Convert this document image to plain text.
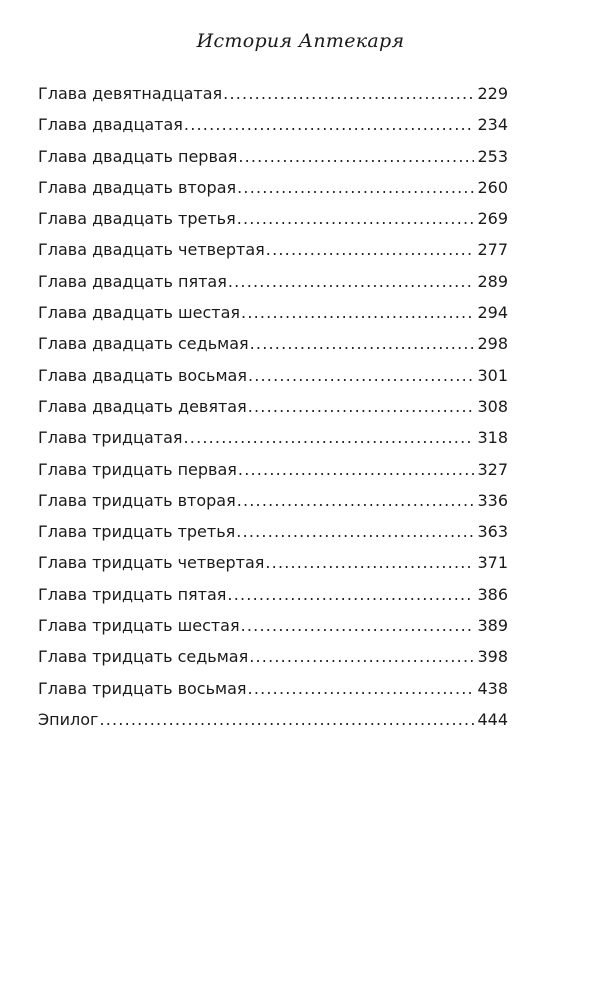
История Аптекаря
Глава девятнадцатая .....	229
Глава двадцатая .....	234
Глава двадцать первая .....	253
Глава двадцать вторая .....	260
Глава двадцать третья .....	269
Глава двадцать четвертая .....	277
Глава двадцать пятая .....	289
Глава двадцать шестая .....	294
Глава двадцать седьмая .....	298
Глава двадцать восьмая .....	301
Глава двадцать девятая .....	308
Глава тридцатая .....	318
Глава тридцать первая .....	327
Глава тридцать вторая .....	336
Глава тридцать третья .....	363
Глава тридцать четвертая .....	371
Глава тридцать пятая .....	386
Глава тридцать шестая .....	389
Глава тридцать седьмая .....	398
Глава тридцать восьмая .....	438
Эпилог .....	444
